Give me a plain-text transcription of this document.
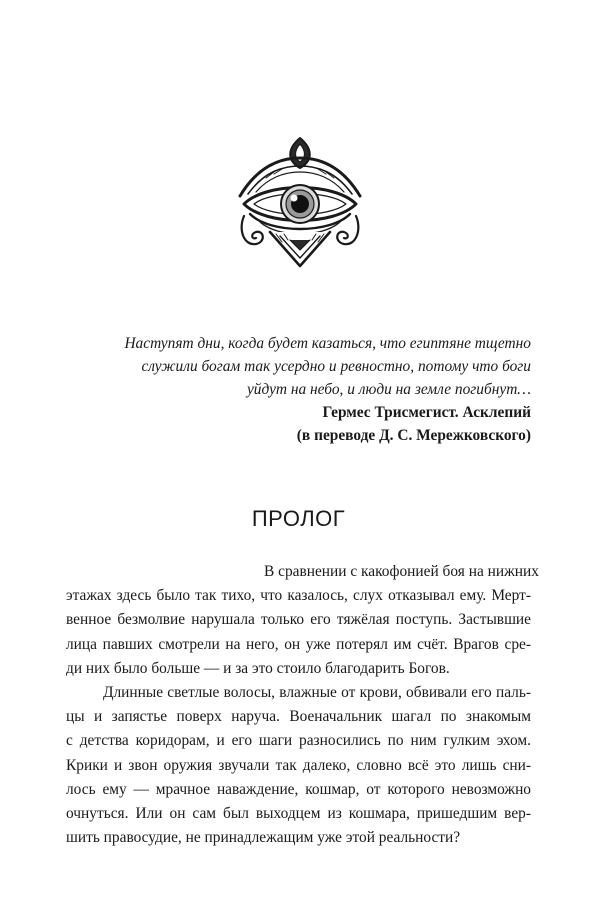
Наступят дни, когда будет казаться, что египтяне тщетно
служили богам так усердно и ревностно, потому что боги
уйдут на небо, и люди на земле погибнут…
Гермес Трисмегист. Асклепий
(в переводе Д. С. Мережковского)
ПРОЛОГ
В сравнении с какофонией боя на нижних
этажах здесь было так тихо, что казалось, слух отказывал ему. Мерт-
венное безмолвие нарушала только его тяжёлая поступь. Застывшие
лица павших смотрели на него, он уже потерял им счёт. Врагов сре-
ди них было больше — и за это стоило благодарить Богов.
Длинные светлые волосы, влажные от крови, обвивали его паль-
цы и запястье поверх наруча. Военачальник шагал по знакомым
с детства коридорам, и его шаги разносились по ним гулким эхом.
Крики и звон оружия звучали так далеко, словно всё это лишь сни-
лось ему — мрачное наваждение, кошмар, от которого невозможно
очнуться. Или он сам был выходцем из кошмара, пришедшим вер-
шить правосудие, не принадлежащим уже этой реальности?
